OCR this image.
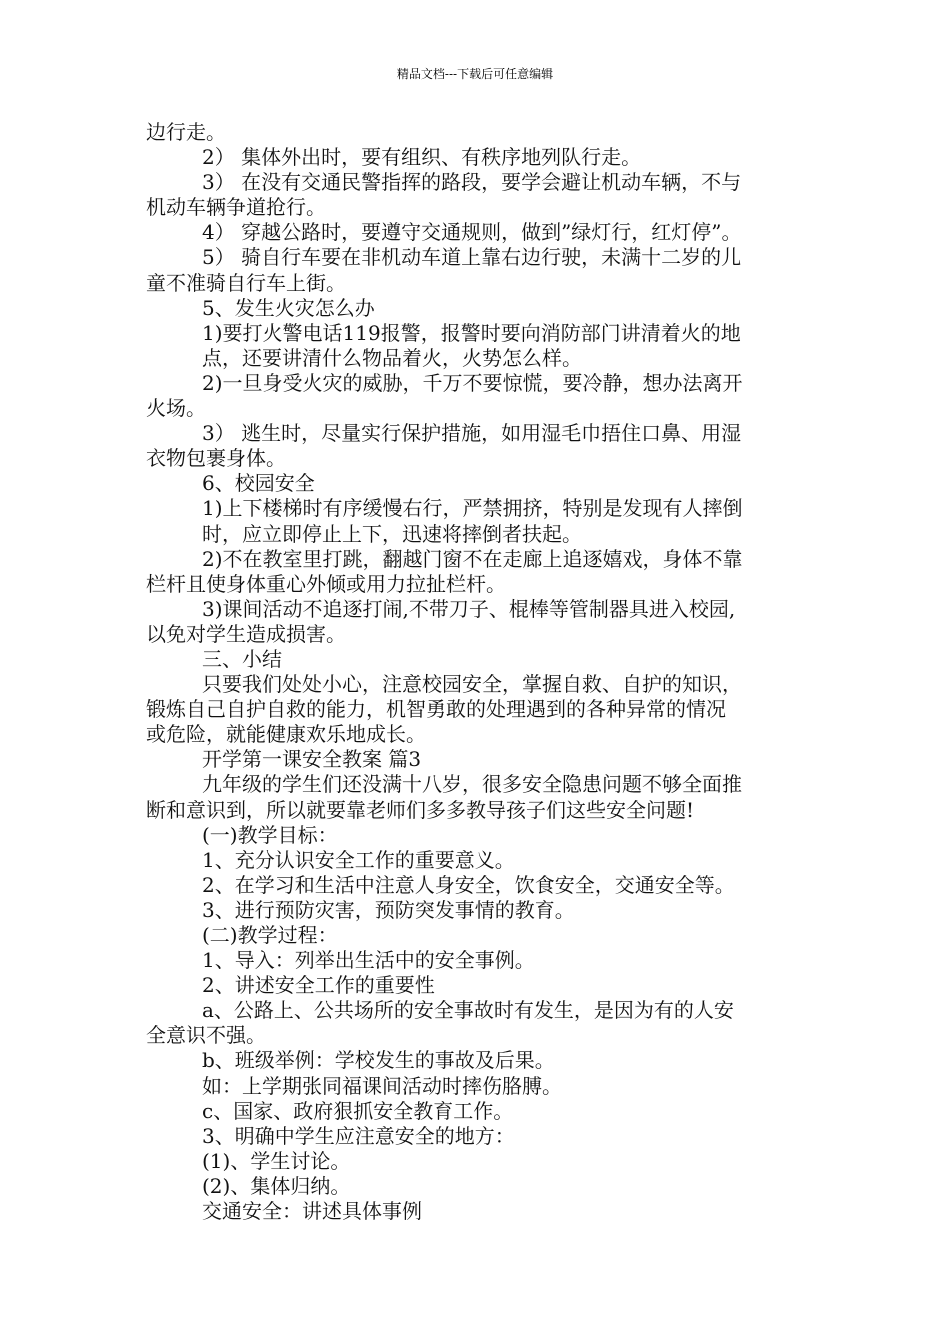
精品文档---下载后可任意编辑

边行走。

2） 集体外出时，要有组织、有秩序地列队行走。

3） 在没有交通民警指挥的路段，要学会避让机动车辆，不与

机动车辆争道抢行。

4） 穿越公路时，要遵守交通规则，做到”绿灯行，红灯停”。

5） 骑自行车要在非机动车道上靠右边行驶，未满十二岁的儿

童不准骑自行车上街。

5、发生火灾怎么办

1)要打火警电话119报警，报警时要向消防部门讲清着火的地

点，还要讲清什么物品着火，火势怎么样。

2)一旦身受火灾的威胁，千万不要惊慌，要冷静，想办法离开

火场。

3） 逃生时，尽量实行保护措施，如用湿毛巾捂住口鼻、用湿

衣物包裹身体。

6、校园安全

1)上下楼梯时有序缓慢右行，严禁拥挤，特别是发现有人摔倒

时，应立即停止上下，迅速将摔倒者扶起。

2)不在教室里打跳，翻越门窗不在走廊上追逐嬉戏，身体不靠

栏杆且使身体重心外倾或用力拉扯栏杆。

3)课间活动不追逐打闹,不带刀子、棍棒等管制器具进入校园,

以免对学生造成损害。

三、小结

只要我们处处小心，注意校园安全，掌握自救、自护的知识，

锻炼自己自护自救的能力，机智勇敢的处理遇到的各种异常的情况

或危险，就能健康欢乐地成长。

开学第一课安全教案 篇3

九年级的学生们还没满十八岁，很多安全隐患问题不够全面推

断和意识到，所以就要靠老师们多多教导孩子们这些安全问题!

(一)教学目标：

1、充分认识安全工作的重要意义。

2、在学习和生活中注意人身安全，饮食安全，交通安全等。

3、进行预防灾害，预防突发事情的教育。

(二)教学过程：

1、导入：列举出生活中的安全事例。

2、讲述安全工作的重要性

a、公路上、公共场所的安全事故时有发生，是因为有的人安

全意识不强。

b、班级举例：学校发生的事故及后果。

如：上学期张同福课间活动时摔伤胳膊。

c、国家、政府狠抓安全教育工作。

3、明确中学生应注意安全的地方：

(1)、学生讨论。

(2)、集体归纳。

交通安全：讲述具体事例
